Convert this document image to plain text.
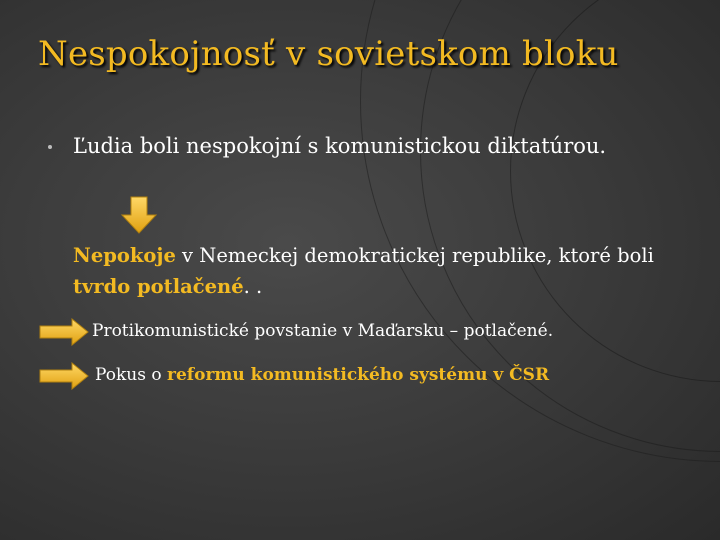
Nespokojnosť v sovietskom bloku

Ľudia boli nespokojní s komunistickou diktatúrou.

Nepokoje v Nemeckej demokratickej republike, ktoré boli tvrdo potlačené. .

Protikomunistické povstanie v Maďarsku – potlačené.
Pokus o reformu komunistického systému v ČSR
